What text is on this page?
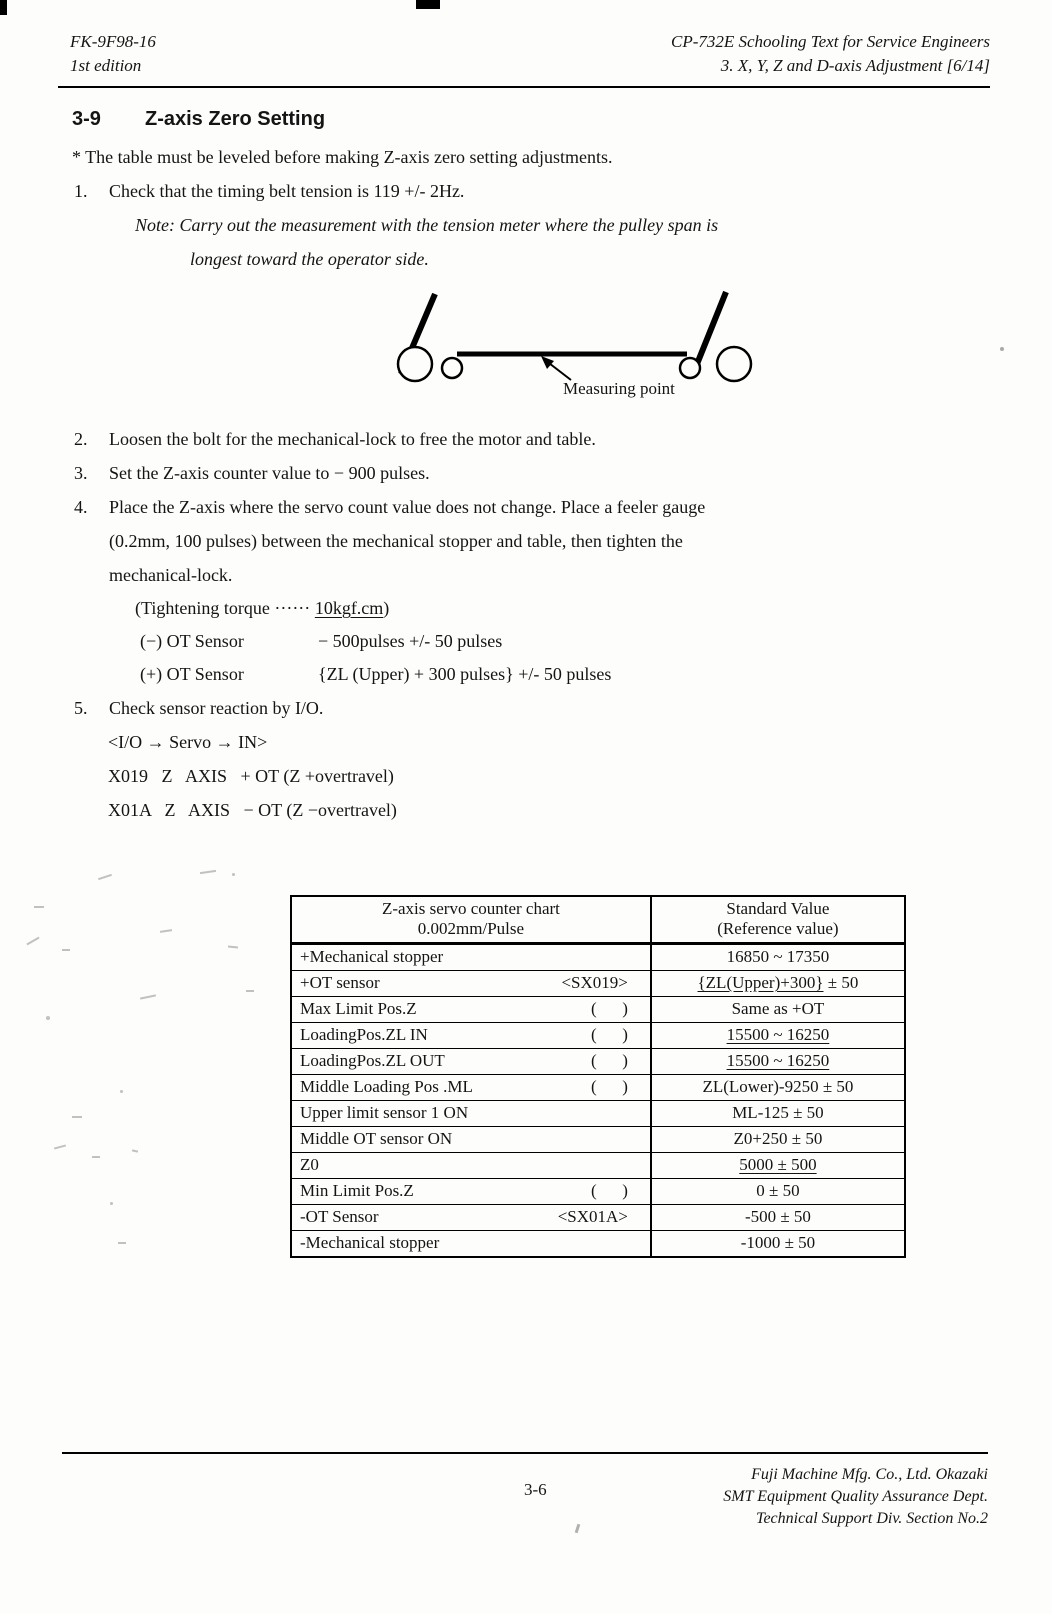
FK-9F98-16
1st edition
CP-732E Schooling Text for Service Engineers
3. X, Y, Z and D-axis Adjustment [6/14]
3-9	Z-axis Zero Setting
* The table must be leveled before making Z-axis zero setting adjustments.
1.	Check that the timing belt tension is 119 +/- 2Hz.
Note: Carry out the measurement with the tension meter where the pulley span is
longest toward the operator side.
Measuring point
2.	Loosen the bolt for the mechanical-lock to free the motor and table.
3.	Set the Z-axis counter value to − 900 pulses.
4.	Place the Z-axis where the servo count value does not change. Place a feeler gauge
(0.2mm, 100 pulses) between the mechanical stopper and table, then tighten the
mechanical-lock.
(Tightening torque ······ 10kgf.cm)
(−) OT Sensor	− 500pulses +/- 50 pulses
(+) OT Sensor	{ZL (Upper) + 300 pulses} +/- 50 pulses
5.	Check sensor reaction by I/O.
<I/O → Servo → IN>
X019   Z   AXIS   + OT (Z +overtravel)
X01A   Z   AXIS   − OT (Z −overtravel)
Z-axis servo counter chart
0.002mm/Pulse
Standard Value
(Reference value)
+Mechanical stopper	16850 ~ 17350
+OT sensor	<SX019>	{ZL(Upper)+300} ± 50
Max Limit Pos.Z	(      )	Same as +OT
LoadingPos.ZL IN	(      )	15500 ~ 16250
LoadingPos.ZL OUT	(      )	15500 ~ 16250
Middle Loading Pos .ML	(      )	ZL(Lower)-9250 ± 50
Upper limit sensor 1 ON	ML-125 ± 50
Middle OT sensor ON	Z0+250 ± 50
Z0	5000 ± 500
Min Limit Pos.Z	(      )	0 ± 50
-OT Sensor	<SX01A>	-500 ± 50
-Mechanical stopper	-1000 ± 50
3-6
Fuji Machine Mfg. Co., Ltd. Okazaki
SMT Equipment Quality Assurance Dept.
Technical Support Div. Section No.2
